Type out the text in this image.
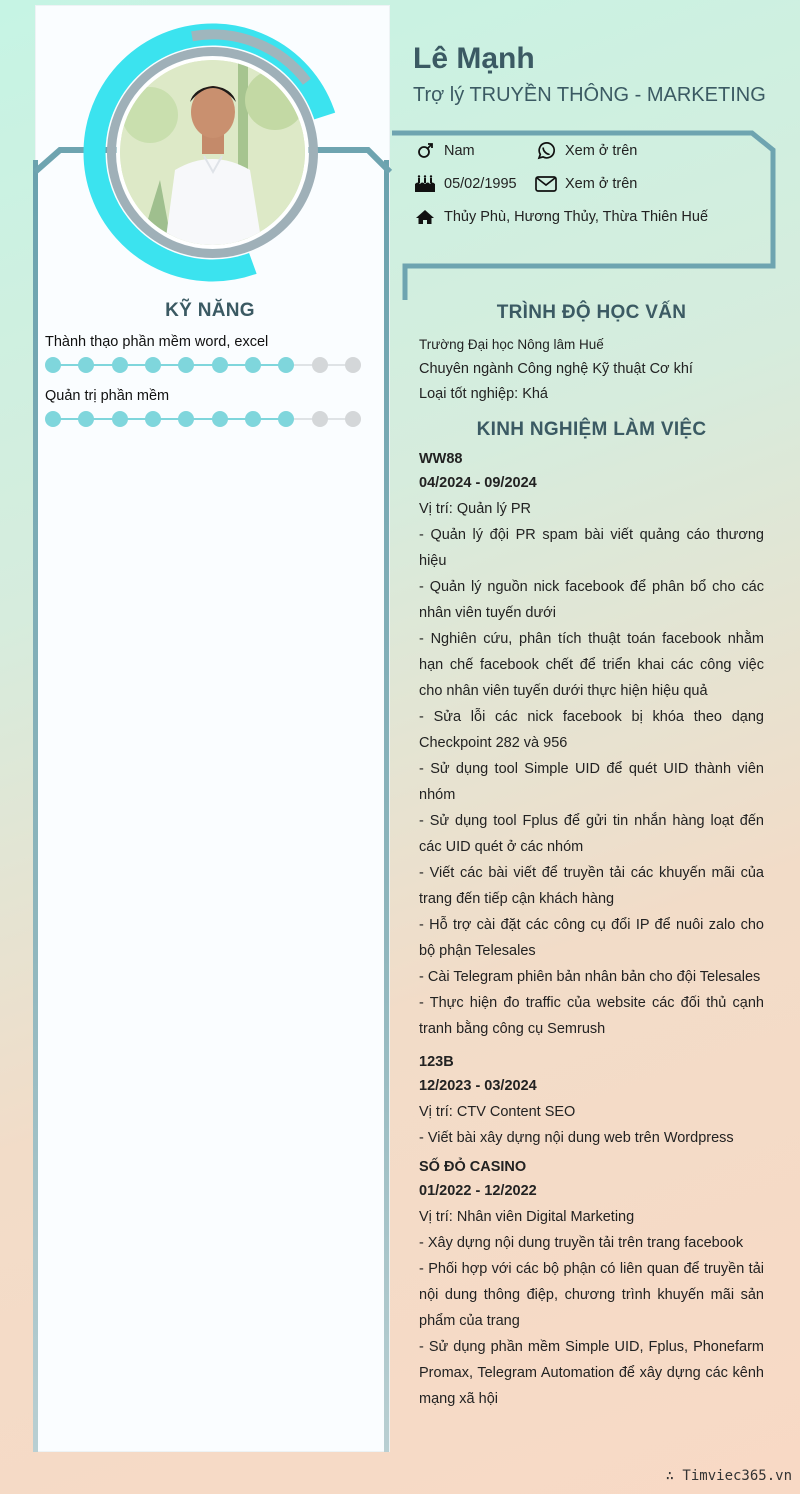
KỸ NĂNG
Thành thạo phần mềm word, excel
Quản trị phần mềm
Lê Mạnh
Trợ lý TRUYỀN THÔNG - MARKETING
Nam	Xem ở trên
05/02/1995	Xem ở trên
Thủy Phù, Hương Thủy, Thừa Thiên Huế
TRÌNH ĐỘ HỌC VẤN
Trường Đại học Nông lâm Huế
Chuyên ngành Công nghệ Kỹ thuật Cơ khí
Loại tốt nghiệp: Khá
KINH NGHIỆM LÀM VIỆC
WW88
04/2024 - 09/2024
Vị trí: Quản lý PR
- Quản lý đội PR spam bài viết quảng cáo thương hiệu
- Quản lý nguồn nick facebook để phân bổ cho các nhân viên tuyến dưới
- Nghiên cứu, phân tích thuật toán facebook nhằm hạn chế facebook chết để triển khai các công việc cho nhân viên tuyến dưới thực hiện hiệu quả
- Sửa lỗi các nick facebook bị khóa theo dạng Checkpoint 282 và 956
- Sử dụng tool Simple UID để quét UID thành viên nhóm
- Sử dụng tool Fplus để gửi tin nhắn hàng loạt đến các UID quét ở các nhóm
- Viết các bài viết để truyền tải các khuyến mãi của trang đến tiếp cận khách hàng
- Hỗ trợ cài đặt các công cụ đổi IP để nuôi zalo cho bộ phận Telesales
- Cài Telegram phiên bản nhân bản cho đội Telesales
- Thực hiện đo traffic của website các đối thủ cạnh tranh bằng công cụ Semrush
123B
12/2023 - 03/2024
Vị trí: CTV Content SEO
- Viết bài xây dựng nội dung web trên Wordpress
SỐ ĐỎ CASINO
01/2022 - 12/2022
Vị trí: Nhân viên Digital Marketing
- Xây dựng nội dung truyền tải trên trang facebook
- Phối hợp với các bộ phận có liên quan để truyền tải nội dung thông điệp, chương trình khuyến mãi sản phẩm của trang
- Sử dụng phần mềm Simple UID, Fplus, Phonefarm Promax, Telegram Automation để xây dựng các kênh mạng xã hội
∴ Timviec365.vn
